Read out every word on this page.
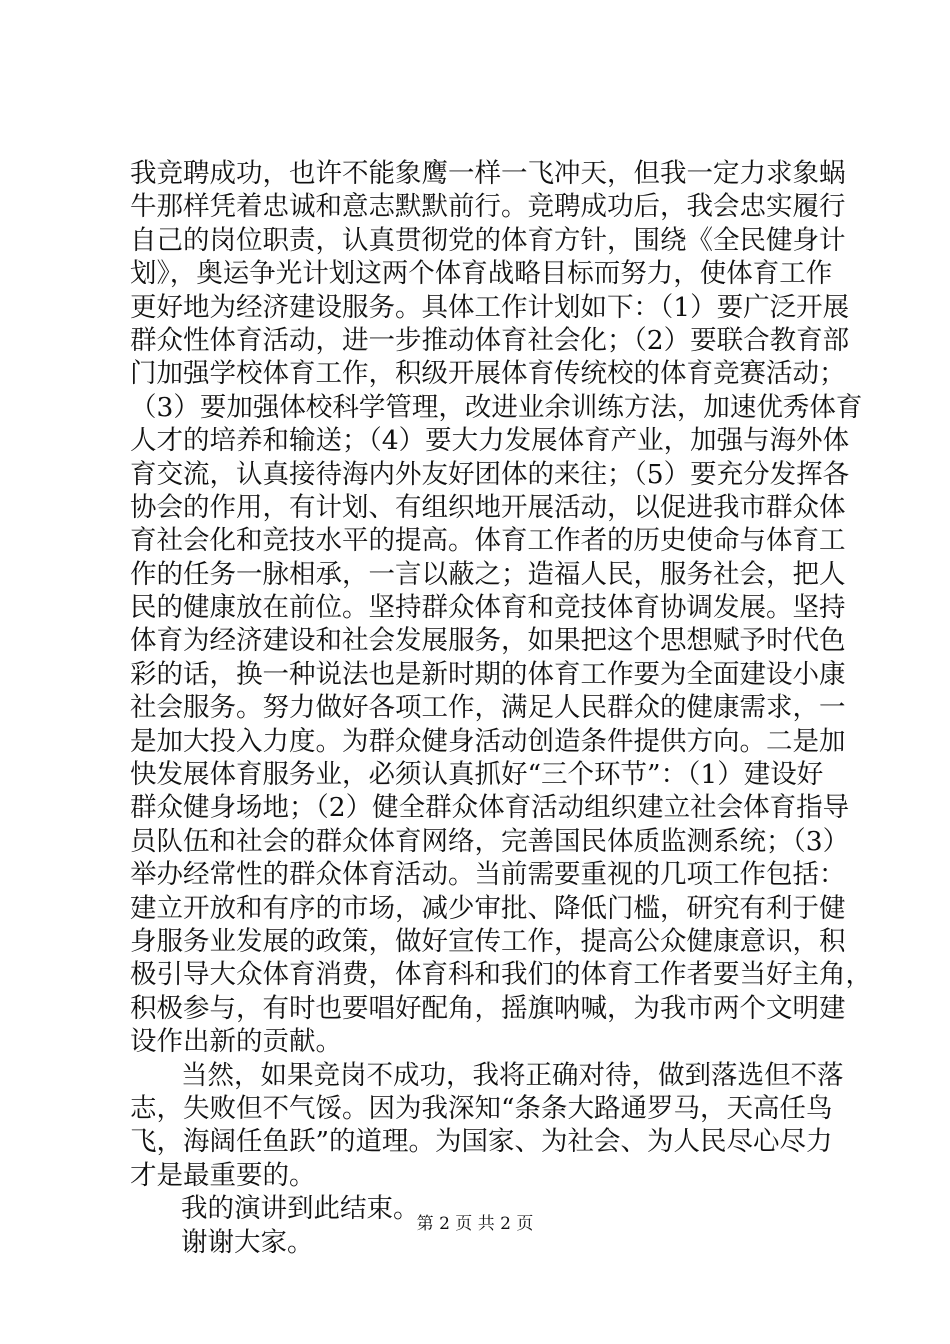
我竞聘成功，也许不能象鹰一样一飞冲天，但我一定力求象蜗
牛那样凭着忠诚和意志默默前行。竞聘成功后，我会忠实履行
自己的岗位职责，认真贯彻党的体育方针，围绕《全民健身计
划》，奥运争光计划这两个体育战略目标而努力，使体育工作
更好地为经济建设服务。具体工作计划如下：（1）要广泛开展
群众性体育活动，进一步推动体育社会化；（2）要联合教育部
门加强学校体育工作，积级开展体育传统校的体育竞赛活动；
（3）要加强体校科学管理，改进业余训练方法，加速优秀体育
人才的培养和输送；（4）要大力发展体育产业，加强与海外体
育交流，认真接待海内外友好团体的来往；（5）要充分发挥各
协会的作用，有计划、有组织地开展活动，以促进我市群众体
育社会化和竞技水平的提高。体育工作者的历史使命与体育工
作的任务一脉相承，一言以蔽之；造福人民，服务社会，把人
民的健康放在前位。坚持群众体育和竞技体育协调发展。坚持
体育为经济建设和社会发展服务，如果把这个思想赋予时代色
彩的话，换一种说法也是新时期的体育工作要为全面建设小康
社会服务。努力做好各项工作，满足人民群众的健康需求，一
是加大投入力度。为群众健身活动创造条件提供方向。二是加
快发展体育服务业，必须认真抓好“三个环节”：（1）建设好
群众健身场地；（2）健全群众体育活动组织建立社会体育指导
员队伍和社会的群众体育网络，完善国民体质监测系统；（3）
举办经常性的群众体育活动。当前需要重视的几项工作包括：
建立开放和有序的市场，减少审批、降低门槛，研究有利于健
身服务业发展的政策，做好宣传工作，提高公众健康意识，积
极引导大众体育消费，体育科和我们的体育工作者要当好主角，
积极参与，有时也要唱好配角，摇旗呐喊，为我市两个文明建
设作出新的贡献。
当然，如果竞岗不成功，我将正确对待，做到落选但不落
志，失败但不气馁。因为我深知“条条大路通罗马，天高任鸟
飞，海阔任鱼跃”的道理。为国家、为社会、为人民尽心尽力
才是最重要的。
我的演讲到此结束。
谢谢大家。
第 2 页 共 2 页
